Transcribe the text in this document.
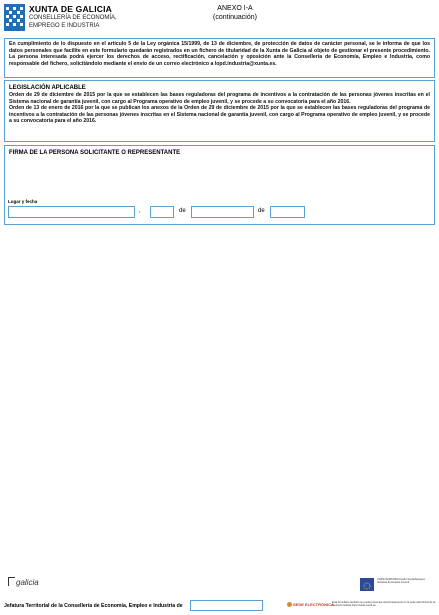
XUNTA DE GALICIA
CONSELLERÍA DE ECONOMÍA,
EMPREGO E INDUSTRIA
ANEXO I-A
(continuación)
En cumplimiento de lo dispuesto en el artículo 5 de la Ley orgánica 15/1999, de 13 de diciembre, de protección de datos de carácter personal, se le informa de que los datos personales que facilite en este formulario quedarán registrados en un fichero de titularidad de la Xunta de Galicia al objeto de gestionar el presente procedimiento. La persona interesada podrá ejercer los derechos de acceso, rectificación, cancelación y oposición ante la Consellería de Economía, Empleo e Industria, como responsable del fichero, solicitándolo mediante el envío de un correo electrónico a lopd.industria@xunta.es.
LEGISLACIÓN APLICABLE
Orden de 29 de diciembre de 2015 por la que se establecen las bases reguladoras del programa de incentivos a la contratación de las personas jóvenes inscritas en el Sistema nacional de garantía juvenil, con cargo al Programa operativo de empleo juvenil, y se procede a su convocatoria para el año 2016.
Orden de 13 de enero de 2016 por la que se publican los anexos de la Orden de 29 de diciembre de 2015 por la que se establecen las bases reguladoras del programa de incentivos a la contratación de las personas jóvenes inscritas en el Sistema nacional de garantía juvenil, con cargo al Programa operativo de empleo juvenil, y se procede a su convocatoria para el año 2016.
FIRMA DE LA PERSONA SOLICITANTE O REPRESENTANTE
Lugar y fecha
,	de	de
galicia	UNIÓN EUROPEA Fondo Social Europeo Iniciativa de Empleo Juvenil
Jefatura Territorial de la Consellería de Economía, Empleo e Industria de	SEDE ELECTRÓNICA
Esta formulario también se puede presentar electrónicamente en la sede electrónica de la Xunta de Galicia https://sede.xunta.es
